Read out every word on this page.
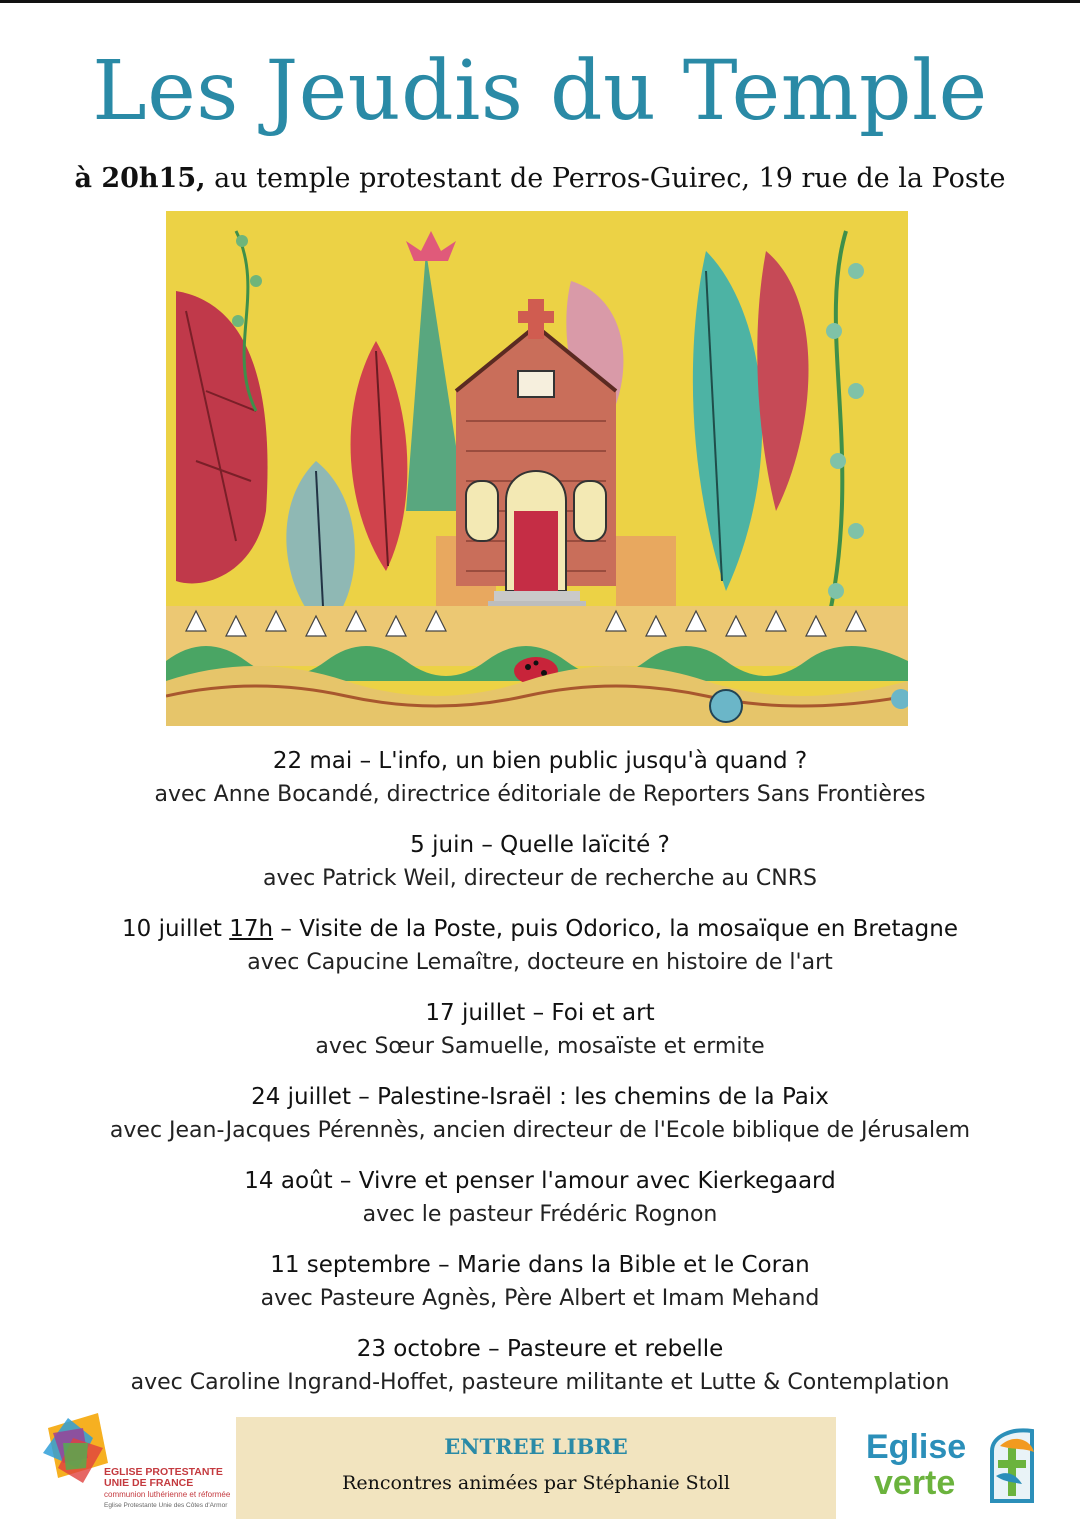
Les Jeudis du Temple
à 20h15, au temple protestant de Perros-Guirec, 19 rue de la Poste
22 mai – L'info, un bien public jusqu'à quand ?
avec Anne Bocandé, directrice éditoriale de Reporters Sans Frontières
5 juin – Quelle laïcité ?
avec Patrick Weil, directeur de recherche au CNRS
10 juillet 17h – Visite de la Poste, puis Odorico, la mosaïque en Bretagne
avec Capucine Lemaître, docteure en histoire de l'art
17 juillet – Foi et art
avec Sœur Samuelle, mosaïste et ermite
24 juillet – Palestine-Israël : les chemins de la Paix
avec Jean-Jacques Pérennès, ancien directeur de l'Ecole biblique de Jérusalem
14 août – Vivre et penser l'amour avec Kierkegaard
avec le pasteur Frédéric Rognon
11 septembre – Marie dans la Bible et le Coran
avec Pasteure Agnès, Père Albert et Imam Mehand
23 octobre – Pasteure et rebelle
avec Caroline Ingrand-Hoffet, pasteure militante et Lutte & Contemplation
EGLISE PROTESTANTE
UNIE DE FRANCE
communion luthérienne et réformée
Eglise Protestante Unie des Côtes d'Armor
ENTREE LIBRE
Rencontres animées par Stéphanie Stoll
Eglise
verte
